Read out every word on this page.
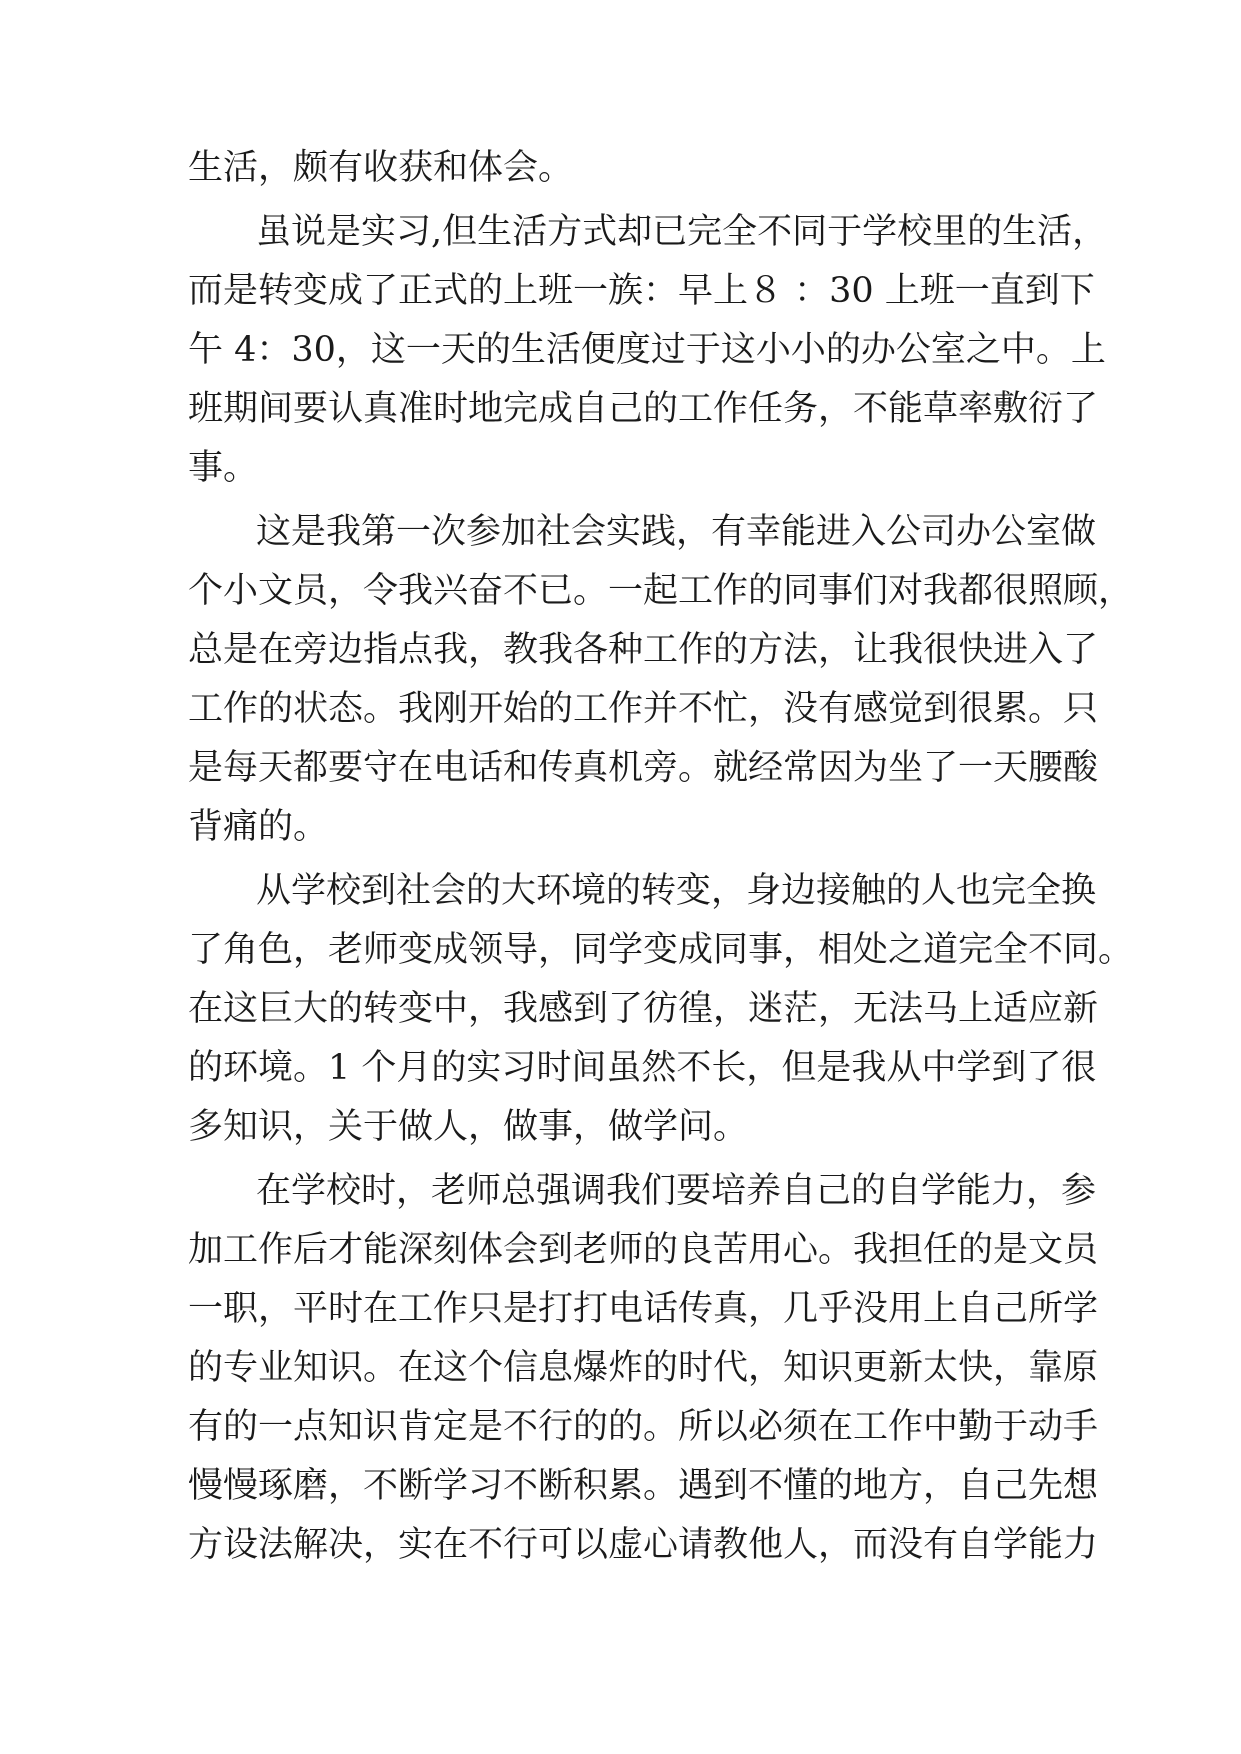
生活，颇有收获和体会。
虽说是实习,但生活方式却已完全不同于学校里的生活，
而是转变成了正式的上班一族：早上８ ：30 上班一直到下
午 4：30，这一天的生活便度过于这小小的办公室之中。上
班期间要认真准时地完成自己的工作任务，不能草率敷衍了
事。
这是我第一次参加社会实践，有幸能进入公司办公室做
个小文员，令我兴奋不已。一起工作的同事们对我都很照顾，
总是在旁边指点我，教我各种工作的方法，让我很快进入了
工作的状态。我刚开始的工作并不忙，没有感觉到很累。只
是每天都要守在电话和传真机旁。就经常因为坐了一天腰酸
背痛的。
从学校到社会的大环境的转变，身边接触的人也完全换
了角色，老师变成领导，同学变成同事，相处之道完全不同。
在这巨大的转变中，我感到了彷徨，迷茫，无法马上适应新
的环境。1 个月的实习时间虽然不长，但是我从中学到了很
多知识，关于做人，做事，做学问。
在学校时，老师总强调我们要培养自己的自学能力，参
加工作后才能深刻体会到老师的良苦用心。我担任的是文员
一职，平时在工作只是打打电话传真，几乎没用上自己所学
的专业知识。在这个信息爆炸的时代，知识更新太快，靠原
有的一点知识肯定是不行的的。所以必须在工作中勤于动手
慢慢琢磨，不断学习不断积累。遇到不懂的地方，自己先想
方设法解决，实在不行可以虚心请教他人，而没有自学能力
